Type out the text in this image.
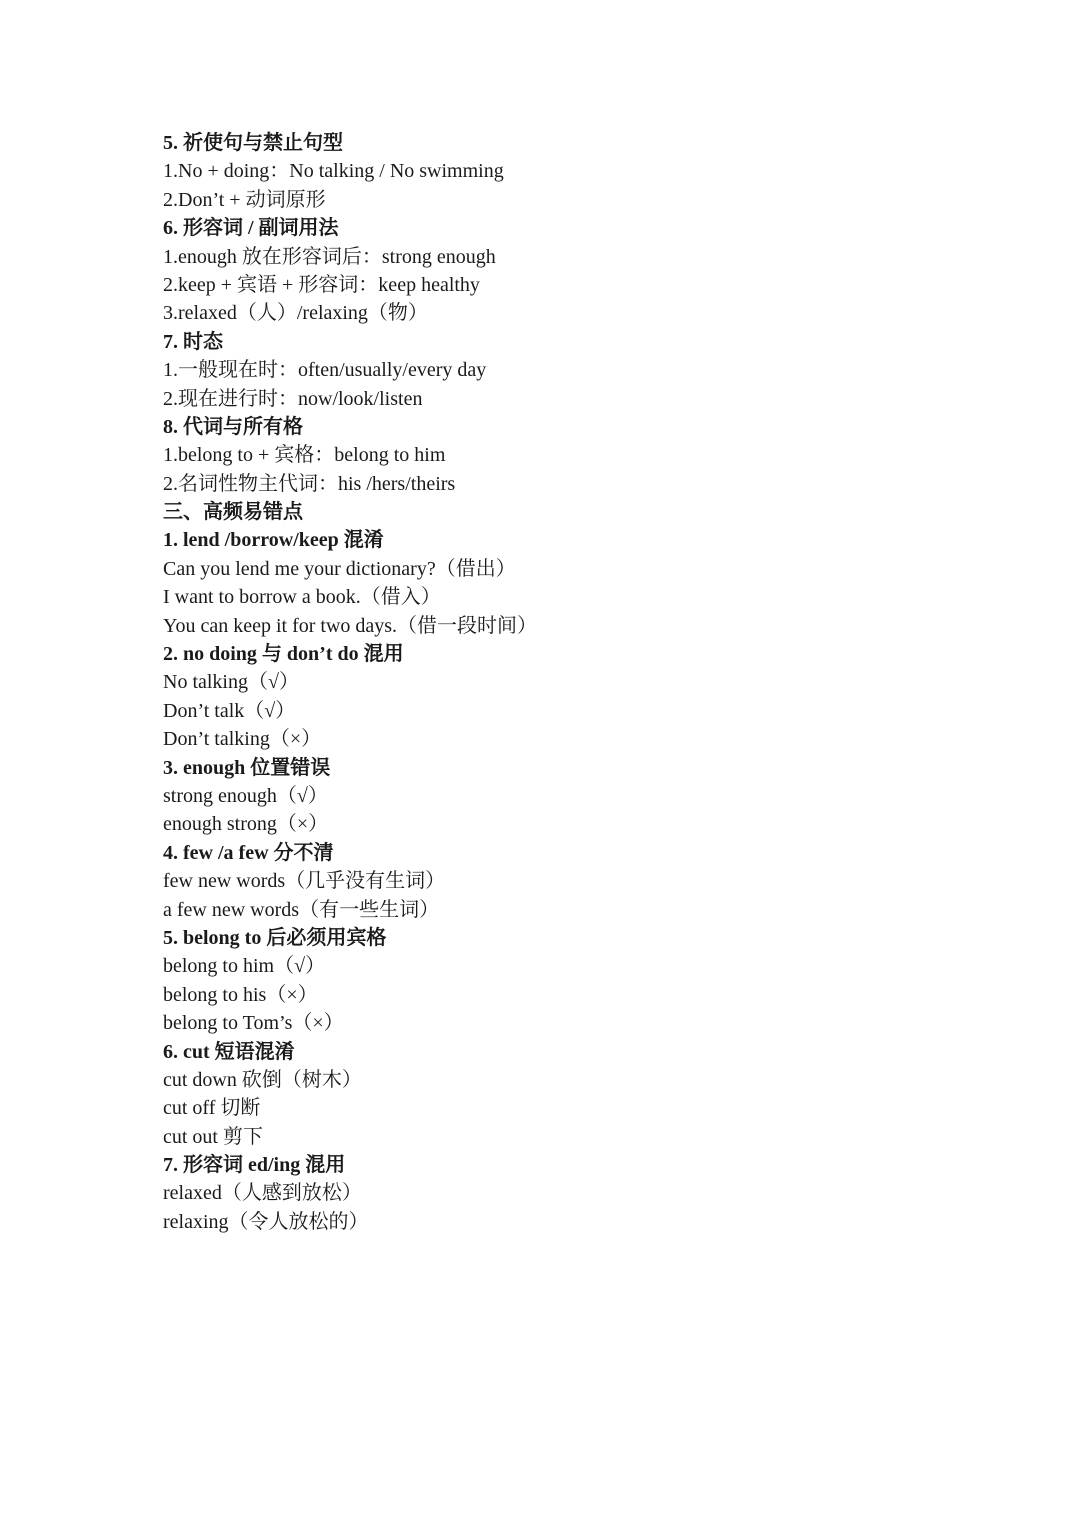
5. 祈使句与禁止句型
1.No + doing：No talking / No swimming
2.Don’t + 动词原形
6. 形容词 / 副词用法
1.enough 放在形容词后：strong enough
2.keep + 宾语 + 形容词：keep healthy
3.relaxed（人）/relaxing（物）
7. 时态
1.一般现在时：often/usually/every day
2.现在进行时：now/look/listen
8. 代词与所有格
1.belong to + 宾格：belong to him
2.名词性物主代词：his /hers/theirs
三、高频易错点
1. lend /borrow/keep 混淆
Can you lend me your dictionary?（借出）
I want to borrow a book.（借入）
You can keep it for two days.（借一段时间）
2. no doing 与 don’t do 混用
No talking（√）
Don’t talk（√）
Don’t talking（×）
3. enough 位置错误
strong enough（√）
enough strong（×）
4. few /a few 分不清
few new words（几乎没有生词）
a few new words（有一些生词）
5. belong to 后必须用宾格
belong to him（√）
belong to his（×）
belong to Tom’s（×）
6. cut 短语混淆
cut down 砍倒（树木）
cut off 切断
cut out 剪下
7. 形容词 ed/ing 混用
relaxed（人感到放松）
relaxing（令人放松的）
